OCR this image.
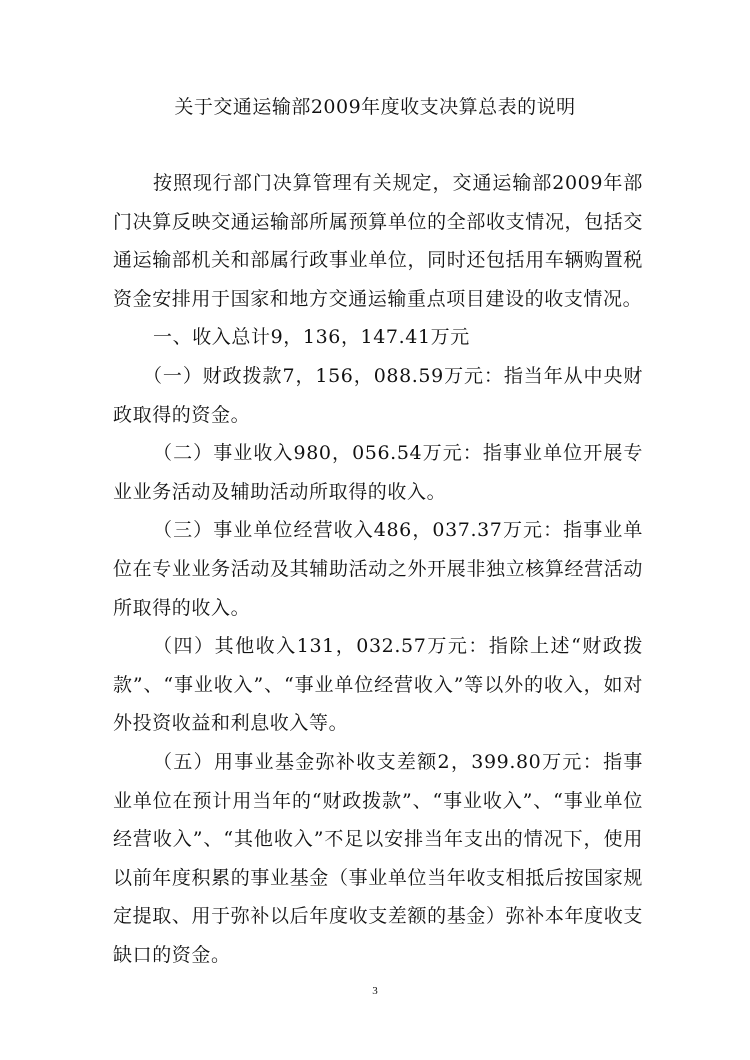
关于交通运输部2009年度收支决算总表的说明

按照现行部门决算管理有关规定，交通运输部2009年部门决算反映交通运输部所属预算单位的全部收支情况，包括交通运输部机关和部属行政事业单位，同时还包括用车辆购置税资金安排用于国家和地方交通运输重点项目建设的收支情况。

一、收入总计9，136，147.41万元

（一）财政拨款7，156，088.59万元：指当年从中央财政取得的资金。

（二）事业收入980，056.54万元：指事业单位开展专业业务活动及辅助活动所取得的收入。

（三）事业单位经营收入486，037.37万元：指事业单位在专业业务活动及其辅助活动之外开展非独立核算经营活动所取得的收入。

（四）其他收入131，032.57万元：指除上述“财政拨款”、“事业收入”、“事业单位经营收入”等以外的收入，如对外投资收益和利息收入等。

（五）用事业基金弥补收支差额2，399.80万元：指事业单位在预计用当年的“财政拨款”、“事业收入”、“事业单位经营收入”、“其他收入”不足以安排当年支出的情况下，使用以前年度积累的事业基金（事业单位当年收支相抵后按国家规定提取、用于弥补以后年度收支差额的基金）弥补本年度收支缺口的资金。

3
